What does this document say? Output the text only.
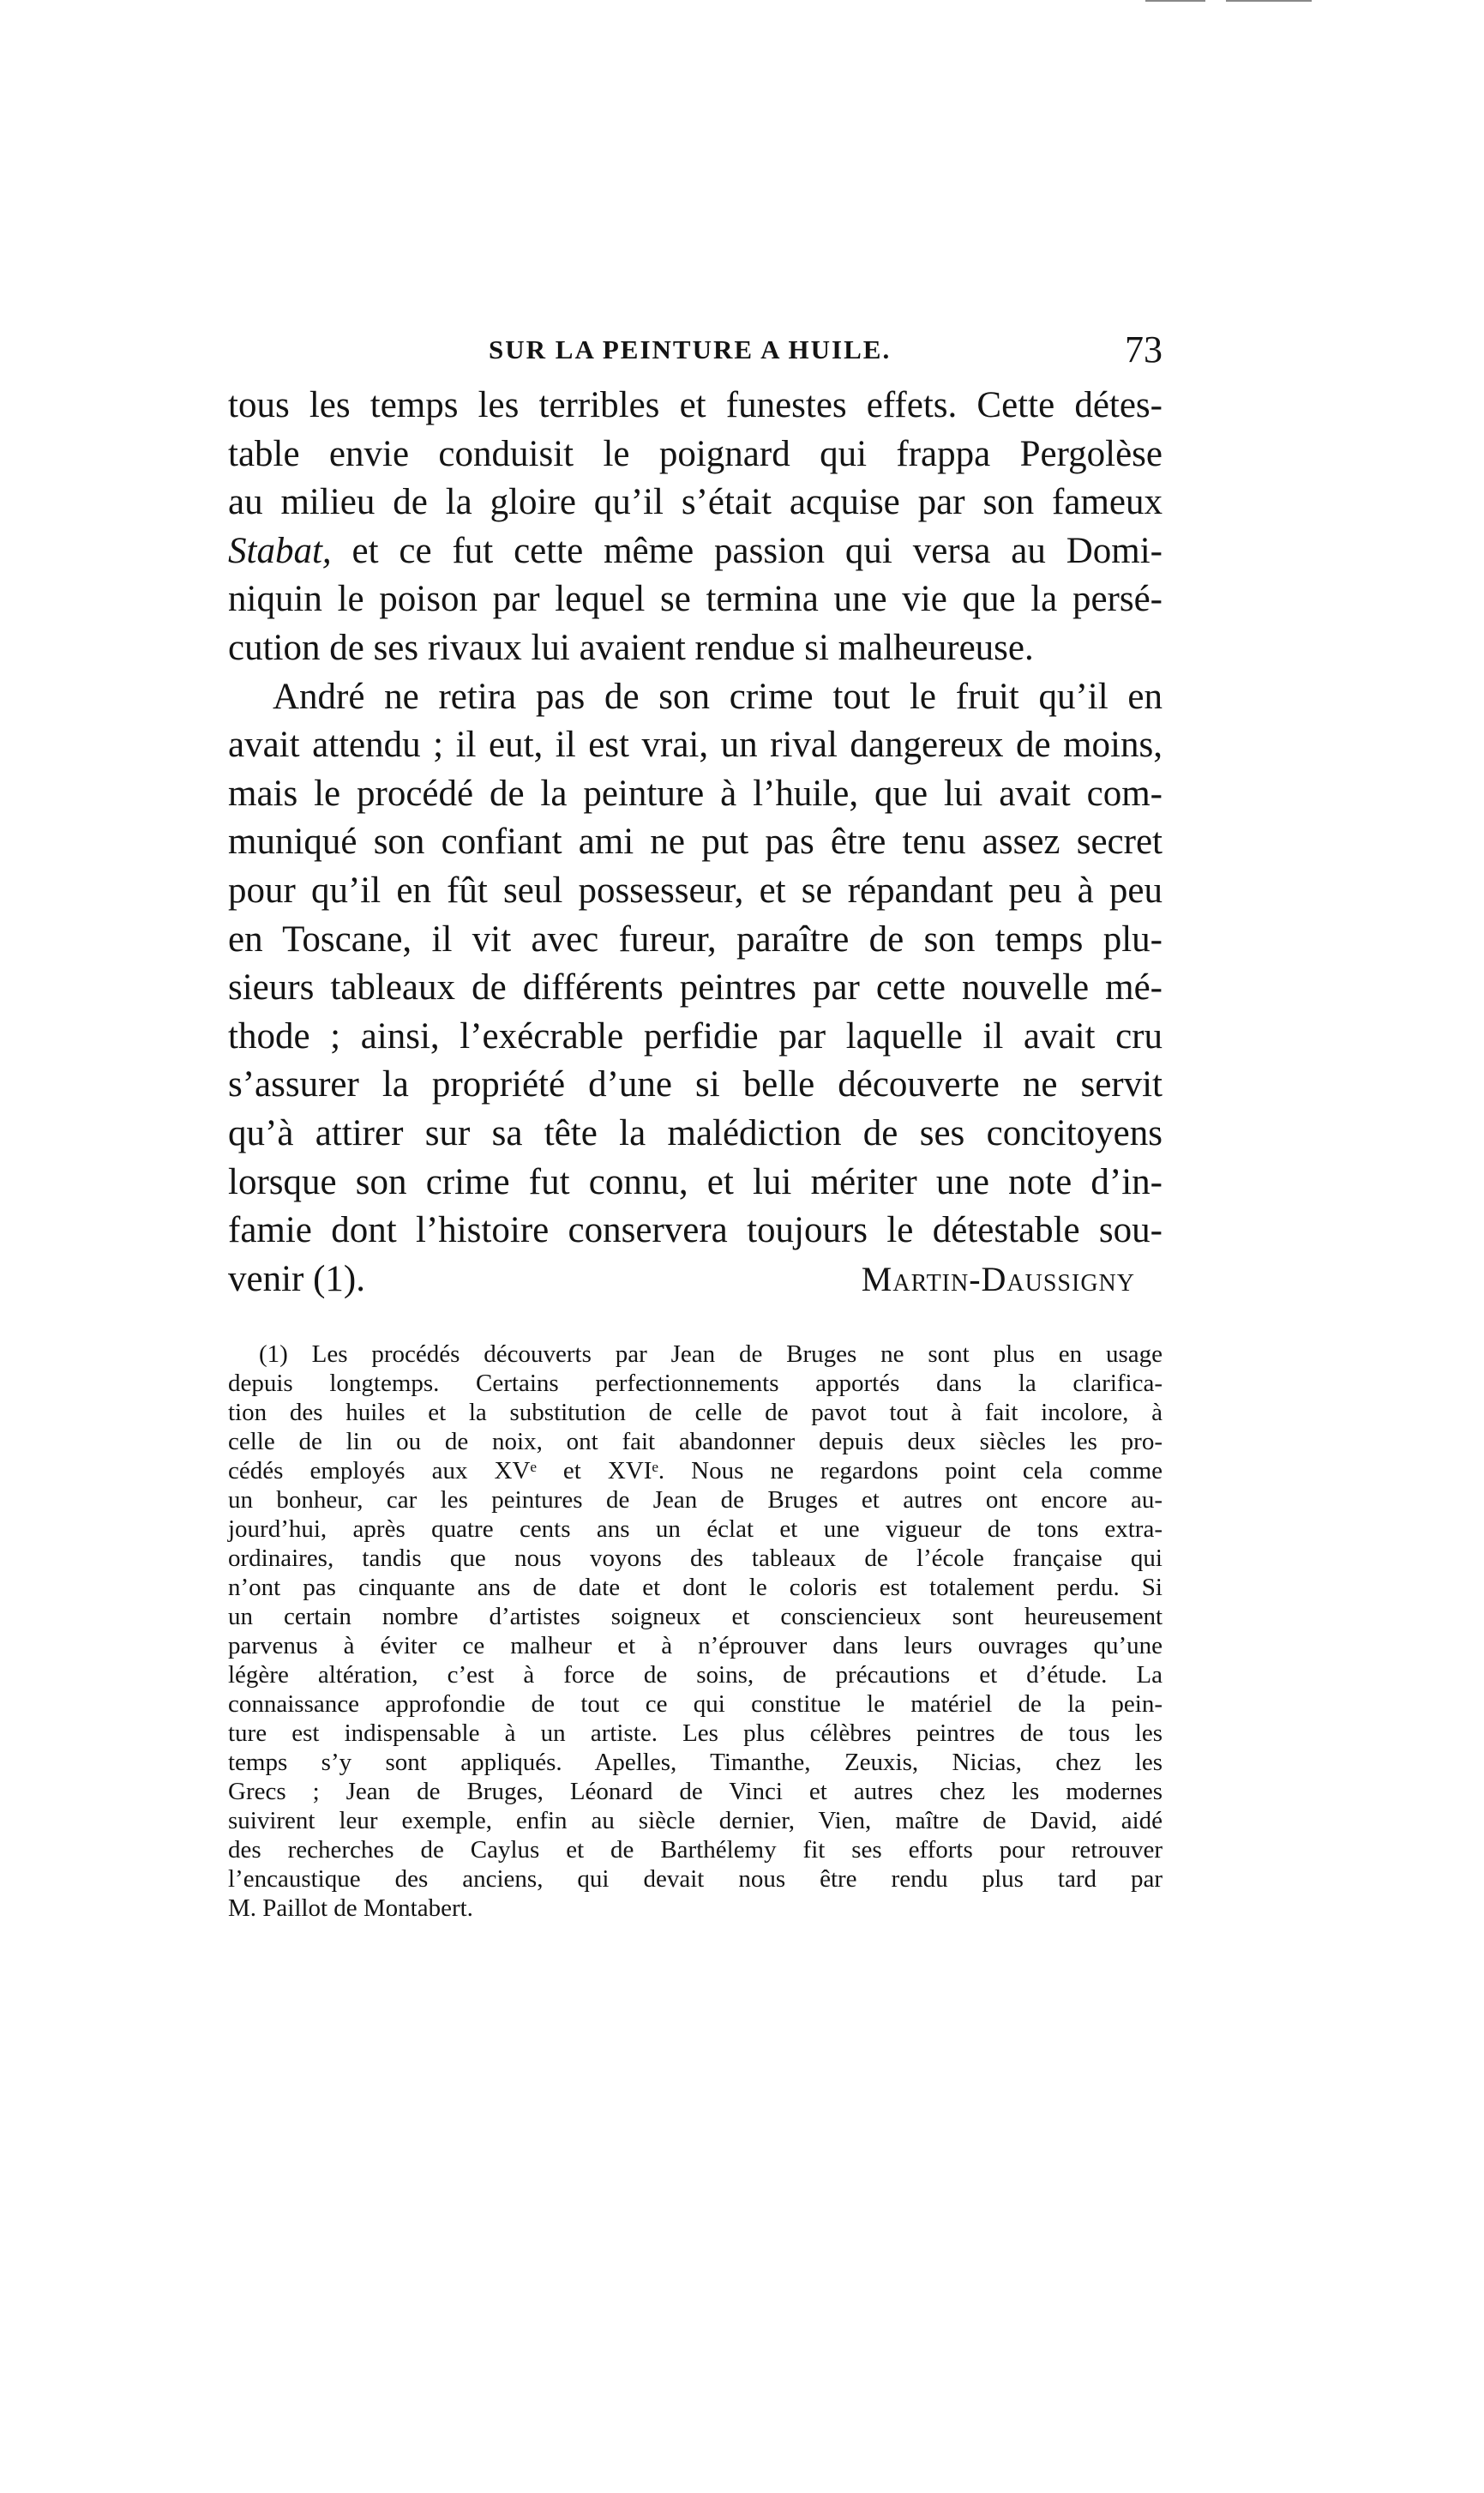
SUR LA PEINTURE A HUILE.	73
tous les temps les terribles et funestes effets. Cette détes-
table envie conduisit le poignard qui frappa Pergolèse
au milieu de la gloire qu’il s’était acquise par son fameux
Stabat, et ce fut cette même passion qui versa au Domi-
niquin le poison par lequel se termina une vie que la persé-
cution de ses rivaux lui avaient rendue si malheureuse.
André ne retira pas de son crime tout le fruit qu’il en
avait attendu ; il eut, il est vrai, un rival dangereux de moins,
mais le procédé de la peinture à l’huile, que lui avait com-
muniqué son confiant ami ne put pas être tenu assez secret
pour qu’il en fût seul possesseur, et se répandant peu à peu
en Toscane, il vit avec fureur, paraître de son temps plu-
sieurs tableaux de différents peintres par cette nouvelle mé-
thode ; ainsi, l’exécrable perfidie par laquelle il avait cru
s’assurer la propriété d’une si belle découverte ne servit
qu’à attirer sur sa tête la malédiction de ses concitoyens
lorsque son crime fut connu, et lui mériter une note d’in-
famie dont l’histoire conservera toujours le détestable sou-
venir (1).	Martin-Daussigny
(1) Les procédés découverts par Jean de Bruges ne sont plus en usage
depuis longtemps. Certains perfectionnements apportés dans la clarifica-
tion des huiles et la substitution de celle de pavot tout à fait incolore, à
celle de lin ou de noix, ont fait abandonner depuis deux siècles les pro-
cédés employés aux XVᵉ et XVIᵉ. Nous ne regardons point cela comme
un bonheur, car les peintures de Jean de Bruges et autres ont encore au-
jourd’hui, après quatre cents ans un éclat et une vigueur de tons extra-
ordinaires, tandis que nous voyons des tableaux de l’école française qui
n’ont pas cinquante ans de date et dont le coloris est totalement perdu. Si
un certain nombre d’artistes soigneux et consciencieux sont heureusement
parvenus à éviter ce malheur et à n’éprouver dans leurs ouvrages qu’une
légère altération, c’est à force de soins, de précautions et d’étude. La
connaissance approfondie de tout ce qui constitue le matériel de la pein-
ture est indispensable à un artiste. Les plus célèbres peintres de tous les
temps s’y sont appliqués. Apelles, Timanthe, Zeuxis, Nicias, chez les
Grecs ; Jean de Bruges, Léonard de Vinci et autres chez les modernes
suivirent leur exemple, enfin au siècle dernier, Vien, maître de David, aidé
des recherches de Caylus et de Barthélemy fit ses efforts pour retrouver
l’encaustique des anciens, qui devait nous être rendu plus tard par
M. Paillot de Montabert.
